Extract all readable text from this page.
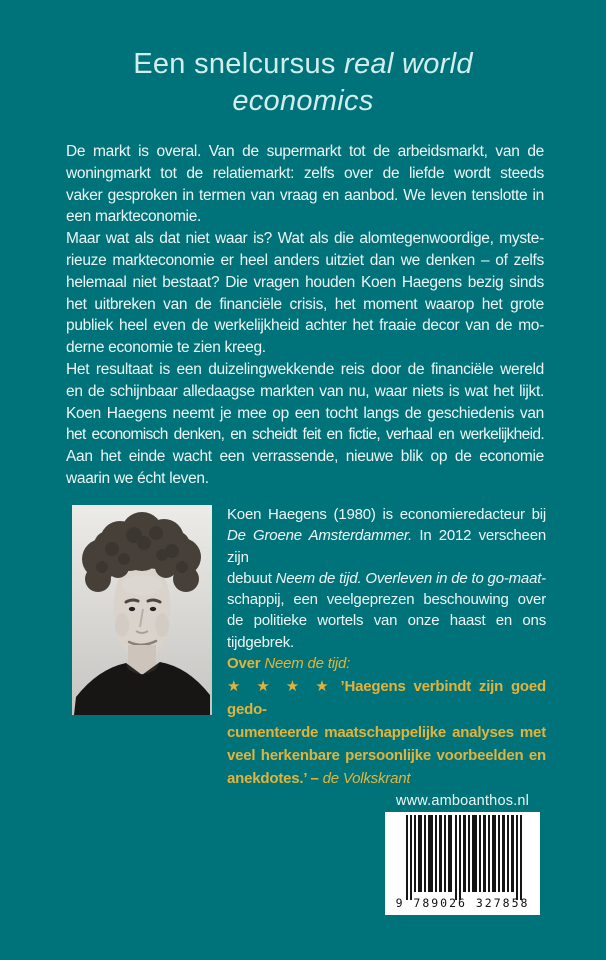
Een snelcursus real world
economics
De markt is overal. Van de supermarkt tot de arbeidsmarkt, van de
woningmarkt tot de relatiemarkt: zelfs over de liefde wordt steeds
vaker gesproken in termen van vraag en aanbod. We leven tenslotte in
een markteconomie.
Maar wat als dat niet waar is? Wat als die alomtegenwoordige, myste-
rieuze markteconomie er heel anders uitziet dan we denken – of zelfs
helemaal niet bestaat? Die vragen houden Koen Haegens bezig sinds
het uitbreken van de financiële crisis, het moment waarop het grote
publiek heel even de werkelijkheid achter het fraaie decor van de mo-
derne economie te zien kreeg.
Het resultaat is een duizelingwekkende reis door de financiële wereld
en de schijnbaar alledaagse markten van nu, waar niets is wat het lijkt.
Koen Haegens neemt je mee op een tocht langs de geschiedenis van
het economisch denken, en scheidt feit en fictie, verhaal en werkelijkheid.
Aan het einde wacht een verrassende, nieuwe blik op de economie
waarin we écht leven.
Koen Haegens (1980) is economieredacteur bij
De Groene Amsterdammer. In 2012 verscheen zijn
debuut Neem de tijd. Overleven in de to go-maat-
schappij, een veelgeprezen beschouwing over
de politieke wortels van onze haast en ons
tijdgebrek.
Over Neem de tijd:
★ ★ ★ ★ ’Haegens verbindt zijn goed gedo-
cumenteerde maatschappelijke analyses met
veel herkenbare persoonlijke voorbeelden en
anekdotes.’ – de Volkskrant
www.amboanthos.nl
9 789026 327858
